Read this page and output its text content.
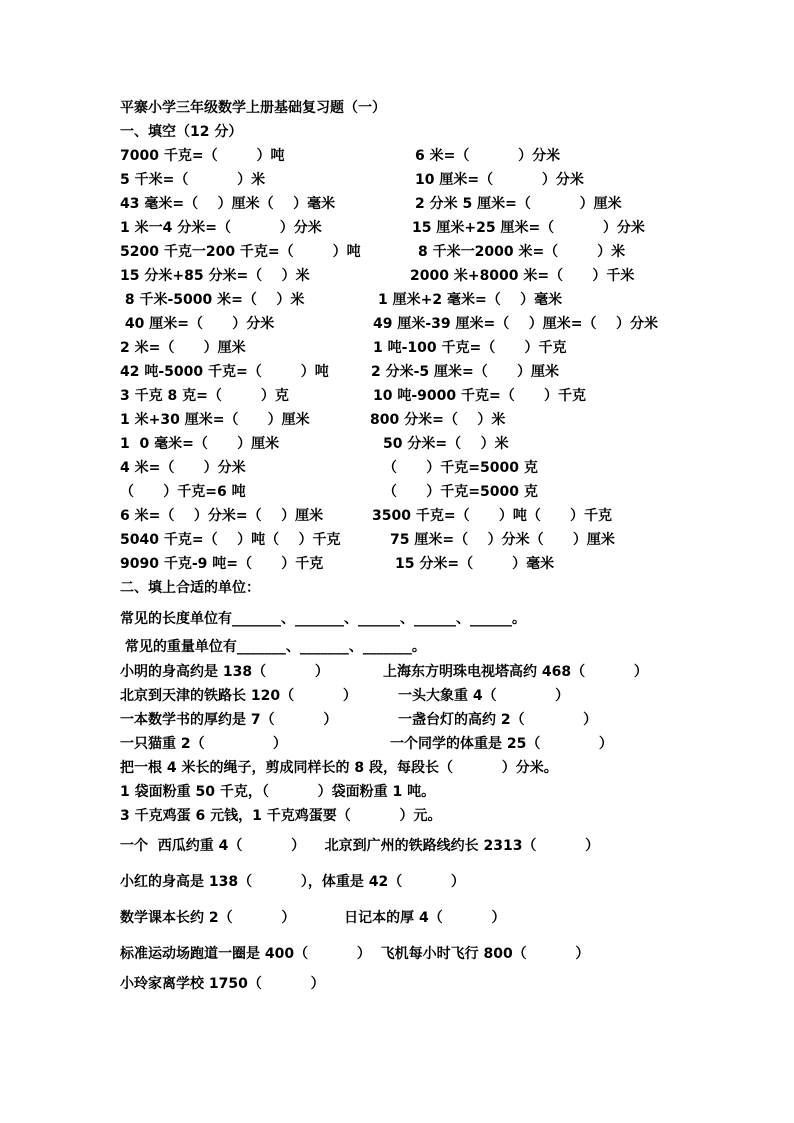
平寨小学三年级数学上册基础复习题（一）

一、填空（12 分）

7000 千克=（        ）吨	6 米=（          ）分米

5 千米=（          ）米	10 厘米=（          ）分米

43 毫米=（    ）厘米（    ）毫米	2 分米 5 厘米=（          ）厘米

1 米一4 分米=（          ）分米	15 厘米+25 厘米=（          ）分米

5200 千克一200 千克=（        ）吨	8 千米一2000 米=（        ）米

15 分米+85 分米=（    ）米	2000 米+8000 米=（      ）千米

8 千米-5000 米=（    ）米	1 厘米+2 毫米=（    ）毫米

40 厘米=（      ）分米	49 厘米-39 厘米=（    ）厘米=（    ）分米

2 米=（      ）厘米	1 吨-100 千克=（      ）千克

42 吨-5000 千克=（        ）吨	2 分米-5 厘米=（      ）厘米

3 千克 8 克=（        ）克	10 吨-9000 千克=（      ）千克

1 米+30 厘米=（      ）厘米	800 分米=（    ）米

1  0 毫米=（      ）厘米	50 分米=（    ）米

4 米=（      ）分米	（      ）千克=5000 克

（      ）千克=6 吨	（      ）千克=5000 克

6 米=（    ）分米=（    ）厘米	3500 千克=（      ）吨（      ）千克

5040 千克=（    ）吨（    ）千克	75 厘米=（    ）分米（      ）厘米

9090 千克-9 吨=（      ）千克	15 分米=（        ）毫米

二、填上合适的单位：

常见的长度单位有_______、_______、______、______、______。

常见的重量单位有_______、_______、_______。

小明的身高约是 138（          ）	上海东方明珠电视塔高约 468（          ）

北京到天津的铁路长 120（          ）	一头大象重 4（            ）

一本数学书的厚约是 7（          ）	一盏台灯的高约 2（            ）

一只猫重 2（              ）	一个同学的体重是 25（            ）

把一根 4 米长的绳子，剪成同样长的 8 段，每段长（          ）分米。

1 袋面粉重 50 千克，（          ）袋面粉重 1 吨。

3 千克鸡蛋 6 元钱，1 千克鸡蛋要（          ）元。

一个  西瓜约重 4（          ）    北京到广州的铁路线约长 2313（          ）

小红的身高是 138（          ），体重是 42（          ）

数学课本长约 2（          ）          日记本的厚 4（          ）

标准运动场跑道一圈是 400（          ）  飞机每小时飞行 800（          ）

小玲家离学校 1750（          ）
